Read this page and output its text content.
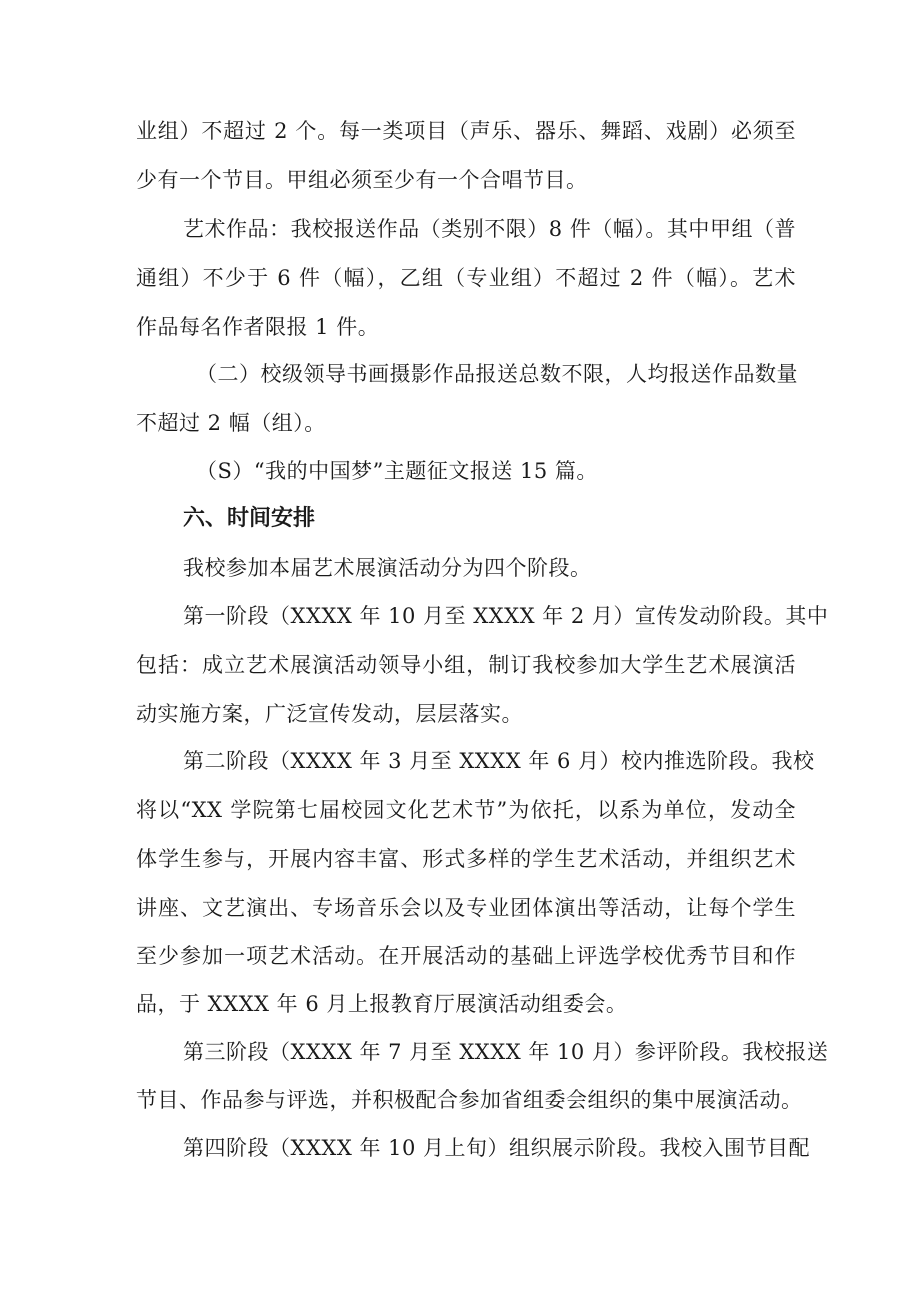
业组）不超过 2 个。每一类项目（声乐、器乐、舞蹈、戏剧）必须至
少有一个节目。甲组必须至少有一个合唱节目。
艺术作品：我校报送作品（类别不限）8 件（幅）。其中甲组（普
通组）不少于 6 件（幅），乙组（专业组）不超过 2 件（幅）。艺术
作品每名作者限报 1 件。
（二）校级领导书画摄影作品报送总数不限，人均报送作品数量
不超过 2 幅（组）。
（S）“我的中国梦”主题征文报送 15 篇。
六、时间安排
我校参加本届艺术展演活动分为四个阶段。
第一阶段（XXXX 年 10 月至 XXXX 年 2 月）宣传发动阶段。其中
包括：成立艺术展演活动领导小组，制订我校参加大学生艺术展演活
动实施方案，广泛宣传发动，层层落实。
第二阶段（XXXX 年 3 月至 XXXX 年 6 月）校内推选阶段。我校
将以“XX 学院第七届校园文化艺术节”为依托，以系为单位，发动全
体学生参与，开展内容丰富、形式多样的学生艺术活动，并组织艺术
讲座、文艺演出、专场音乐会以及专业团体演出等活动，让每个学生
至少参加一项艺术活动。在开展活动的基础上评选学校优秀节目和作
品，于 XXXX 年 6 月上报教育厅展演活动组委会。
第三阶段（XXXX 年 7 月至 XXXX 年 10 月）参评阶段。我校报送
节目、作品参与评选，并积极配合参加省组委会组织的集中展演活动。
第四阶段（XXXX 年 10 月上旬）组织展示阶段。我校入围节目配
